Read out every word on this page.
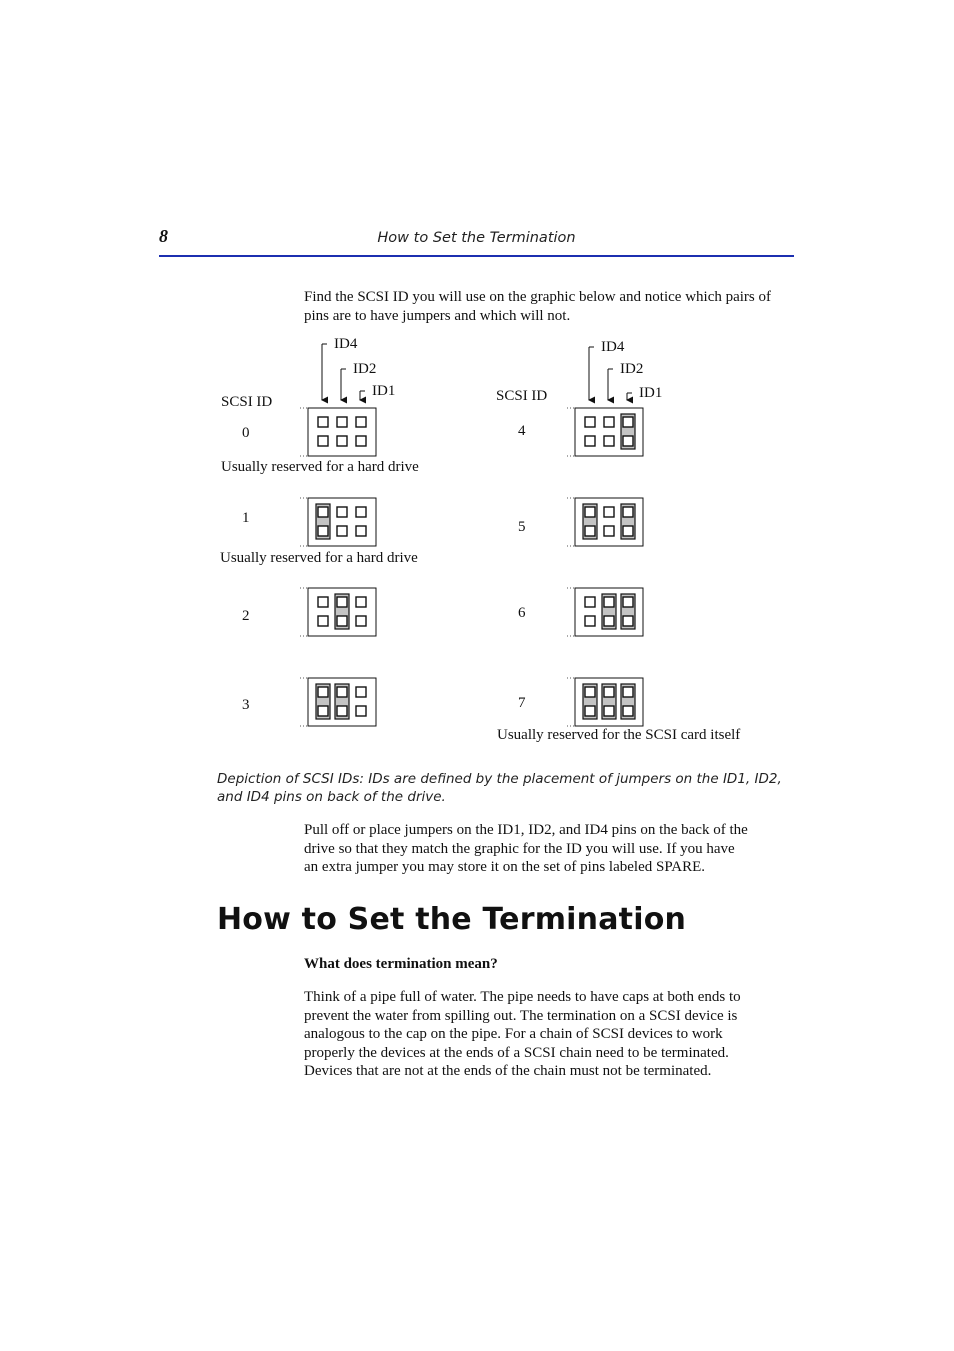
8	How to Set the Termination
Find the SCSI ID you will use on the graphic below and notice which pairs of pins are to have jumpers and which will not.
ID4
ID2
ID1
SCSI ID
ID4
ID2
ID1
SCSI ID
0
Usually reserved for a hard drive
1
Usually reserved for a hard drive
2
3
4
5
6
7
Usually reserved for the SCSI card itself
Depiction of SCSI IDs: IDs are defined by the placement of jumpers on the ID1, ID2, and ID4 pins on back of the drive.
Pull off or place jumpers on the ID1, ID2, and ID4 pins on the back of the
drive so that they match the graphic for the ID you will use. If you have
an extra jumper you may store it on the set of pins labeled SPARE.
How to Set the Termination
What does termination mean?
Think of a pipe full of water. The pipe needs to have caps at both ends to
prevent the water from spilling out. The termination on a SCSI device is
analogous to the cap on the pipe. For a chain of SCSI devices to work
properly the devices at the ends of a SCSI chain need to be terminated.
Devices that are not at the ends of the chain must not be terminated.
